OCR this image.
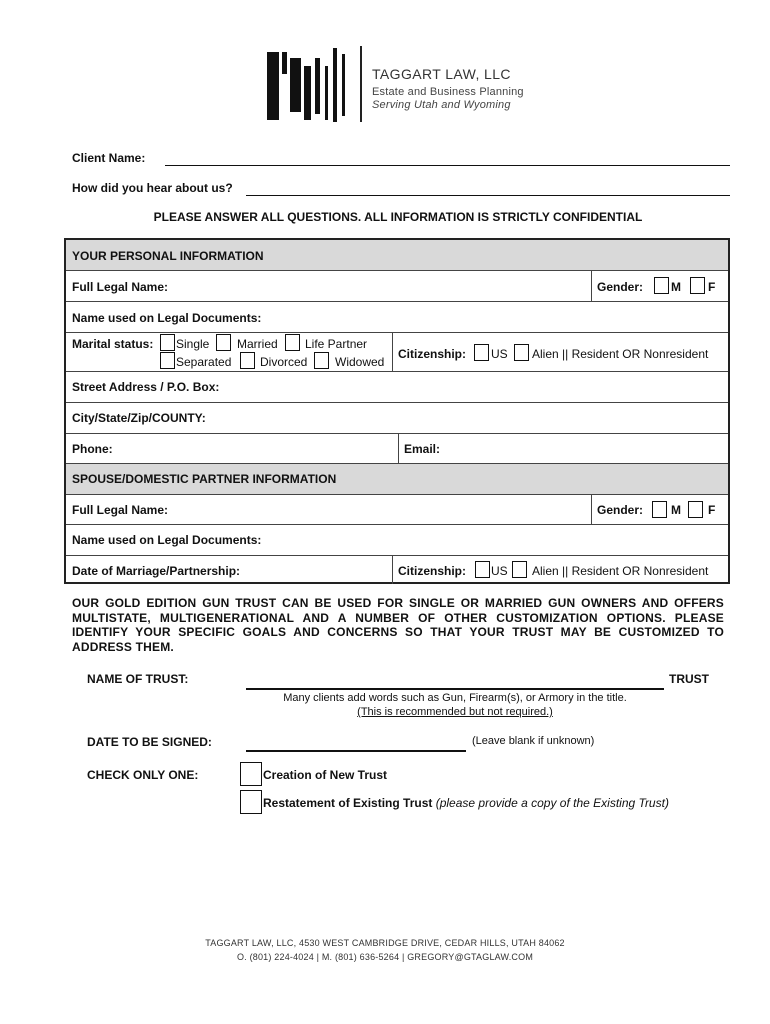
TAGGART LAW, LLC
Estate and Business Planning
Serving Utah and Wyoming
Client Name:
How did you hear about us?
PLEASE ANSWER ALL QUESTIONS. ALL INFORMATION IS STRICTLY CONFIDENTIAL
YOUR PERSONAL INFORMATION
Full Legal Name:	Gender: M F
Name used on Legal Documents:
Marital status: Single Married Life Partner
Separated Divorced Widowed
Citizenship: US Alien || Resident OR Nonresident
Street Address / P.O. Box:
City/State/Zip/COUNTY:
Phone:	Email:
SPOUSE/DOMESTIC PARTNER INFORMATION
Full Legal Name:	Gender: M F
Name used on Legal Documents:
Date of Marriage/Partnership:	Citizenship: US Alien || Resident OR Nonresident
OUR GOLD EDITION GUN TRUST CAN BE USED FOR SINGLE OR MARRIED GUN OWNERS AND OFFERS MULTISTATE, MULTIGENERATIONAL AND A NUMBER OF OTHER CUSTOMIZATION OPTIONS. PLEASE IDENTIFY YOUR SPECIFIC GOALS AND CONCERNS SO THAT YOUR TRUST MAY BE CUSTOMIZED TO ADDRESS THEM.
NAME OF TRUST:	TRUST
Many clients add words such as Gun, Firearm(s), or Armory in the title.
(This is recommended but not required.)
DATE TO BE SIGNED:	(Leave blank if unknown)
CHECK ONLY ONE:	Creation of New Trust
Restatement of Existing Trust (please provide a copy of the Existing Trust)
TAGGART LAW, LLC, 4530 WEST CAMBRIDGE DRIVE, CEDAR HILLS, UTAH 84062
O. (801) 224-4024 | M. (801) 636-5264 | GREGORY@GTAGLAW.COM
